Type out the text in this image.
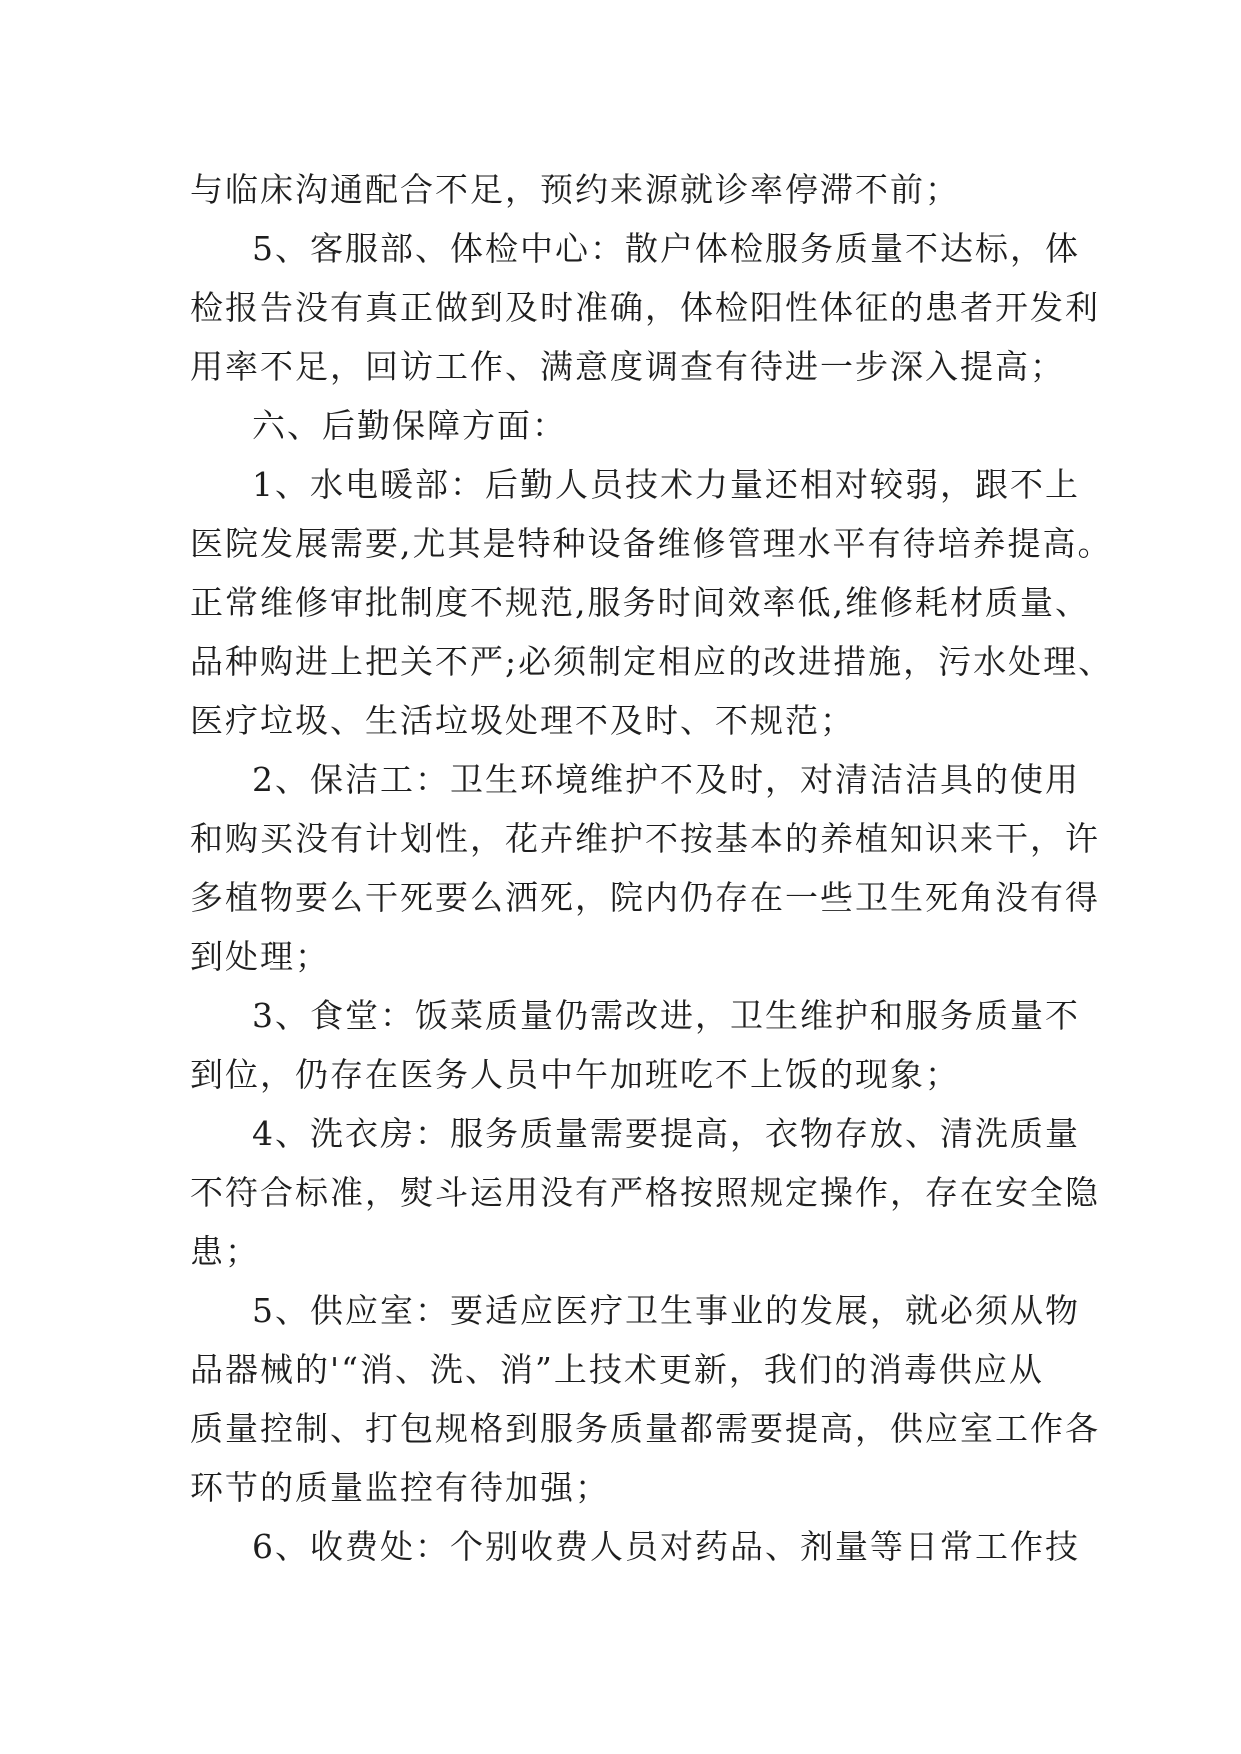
与临床沟通配合不足，预约来源就诊率停滞不前；
5、客服部、体检中心：散户体检服务质量不达标，体
检报告没有真正做到及时准确，体检阳性体征的患者开发利
用率不足，回访工作、满意度调查有待进一步深入提高；
六、后勤保障方面：
1、水电暖部：后勤人员技术力量还相对较弱，跟不上
医院发展需要,尤其是特种设备维修管理水平有待培养提高。
正常维修审批制度不规范,服务时间效率低,维修耗材质量、
品种购进上把关不严;必须制定相应的改进措施，污水处理、
医疗垃圾、生活垃圾处理不及时、不规范；
2、保洁工：卫生环境维护不及时，对清洁洁具的使用
和购买没有计划性，花卉维护不按基本的养植知识来干，许
多植物要么干死要么洒死，院内仍存在一些卫生死角没有得
到处理；
3、食堂：饭菜质量仍需改进，卫生维护和服务质量不
到位，仍存在医务人员中午加班吃不上饭的现象；
4、洗衣房：服务质量需要提高，衣物存放、清洗质量
不符合标准，熨斗运用没有严格按照规定操作，存在安全隐
患；
5、供应室：要适应医疗卫生事业的发展，就必须从物
品器械的'“消、洗、消”上技术更新，我们的消毒供应从
质量控制、打包规格到服务质量都需要提高，供应室工作各
环节的质量监控有待加强；
6、收费处：个别收费人员对药品、剂量等日常工作技
